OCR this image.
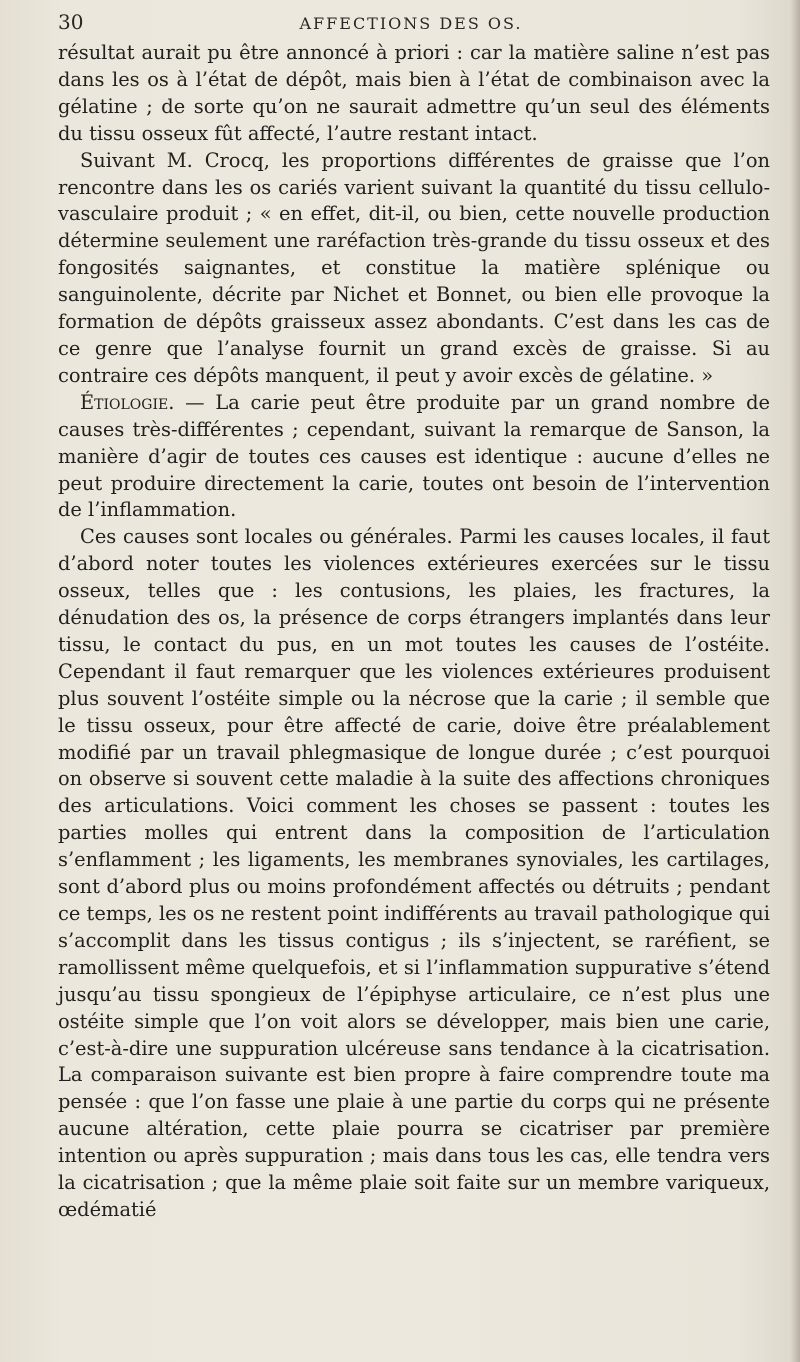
30	AFFECTIONS DES OS.

résultat aurait pu être annoncé à priori : car la matière saline n’est pas dans les os à l’état de dépôt, mais bien à l’état de combinaison avec la gélatine ; de sorte qu’on ne saurait admettre qu’un seul des éléments du tissu osseux fût affecté, l’autre restant intact.

Suivant M. Crocq, les proportions différentes de graisse que l’on rencontre dans les os cariés varient suivant la quantité du tissu cellulo-vasculaire produit ; « en effet, dit-il, ou bien, cette nouvelle production détermine seulement une raréfaction très-grande du tissu osseux et des fongosités saignantes, et constitue la matière splénique ou sanguinolente, décrite par Nichet et Bonnet, ou bien elle provoque la formation de dépôts graisseux assez abondants. C’est dans les cas de ce genre que l’analyse fournit un grand excès de graisse. Si au contraire ces dépôts manquent, il peut y avoir excès de gélatine. »

Étiologie. — La carie peut être produite par un grand nombre de causes très-différentes ; cependant, suivant la remarque de Sanson, la manière d’agir de toutes ces causes est identique : aucune d’elles ne peut produire directement la carie, toutes ont besoin de l’intervention de l’inflammation.

Ces causes sont locales ou générales. Parmi les causes locales, il faut d’abord noter toutes les violences extérieures exercées sur le tissu osseux, telles que : les contusions, les plaies, les fractures, la dénudation des os, la présence de corps étrangers implantés dans leur tissu, le contact du pus, en un mot toutes les causes de l’ostéite. Cependant il faut remarquer que les violences extérieures produisent plus souvent l’ostéite simple ou la nécrose que la carie ; il semble que le tissu osseux, pour être affecté de carie, doive être préalablement modifié par un travail phlegmasique de longue durée ; c’est pourquoi on observe si souvent cette maladie à la suite des affections chroniques des articulations. Voici comment les choses se passent : toutes les parties molles qui entrent dans la composition de l’articulation s’enflamment ; les ligaments, les membranes synoviales, les cartilages, sont d’abord plus ou moins profondément affectés ou détruits ; pendant ce temps, les os ne restent point indifférents au travail pathologique qui s’accomplit dans les tissus contigus ; ils s’injectent, se raréfient, se ramollissent même quelquefois, et si l’inflammation suppurative s’étend jusqu’au tissu spongieux de l’épiphyse articulaire, ce n’est plus une ostéite simple que l’on voit alors se développer, mais bien une carie, c’est-à-dire une suppuration ulcéreuse sans tendance à la cicatrisation. La comparaison suivante est bien propre à faire comprendre toute ma pensée : que l’on fasse une plaie à une partie du corps qui ne présente aucune altération, cette plaie pourra se cicatriser par première intention ou après suppuration ; mais dans tous les cas, elle tendra vers la cicatrisation ; que la même plaie soit faite sur un membre variqueux, œdématié
